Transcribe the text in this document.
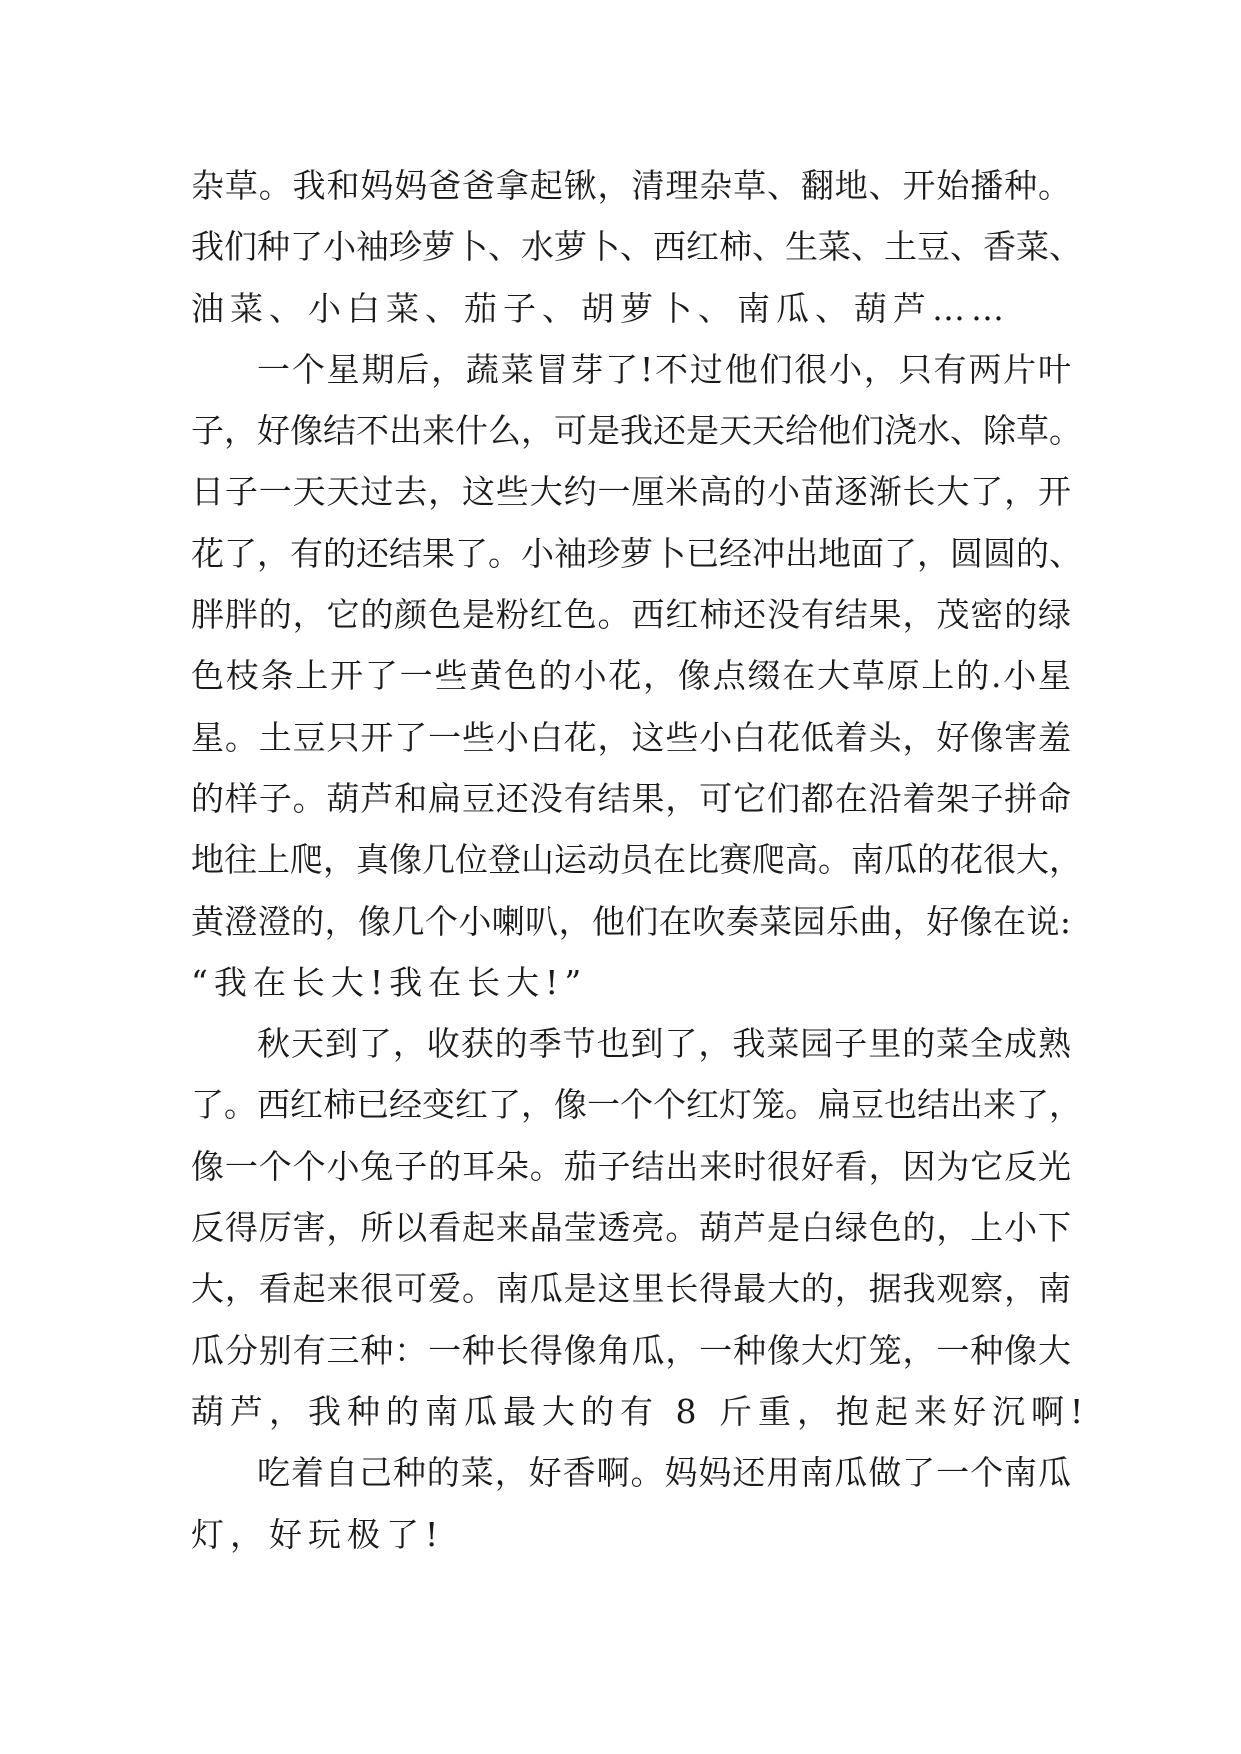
杂草。我和妈妈爸爸拿起锹，清理杂草、翻地、开始播种。
我们种了小袖珍萝卜、水萝卜、西红柿、生菜、土豆、香菜、
油菜、小白菜、茄子、胡萝卜、南瓜、葫芦……
一个星期后，蔬菜冒芽了!不过他们很小，只有两片叶
子，好像结不出来什么，可是我还是天天给他们浇水、除草。
日子一天天过去，这些大约一厘米高的小苗逐渐长大了，开
花了，有的还结果了。小袖珍萝卜已经冲出地面了，圆圆的、
胖胖的，它的颜色是粉红色。西红柿还没有结果，茂密的绿
色枝条上开了一些黄色的小花，像点缀在大草原上的.小星
星。土豆只开了一些小白花，这些小白花低着头，好像害羞
的样子。葫芦和扁豆还没有结果，可它们都在沿着架子拼命
地往上爬，真像几位登山运动员在比赛爬高。南瓜的花很大，
黄澄澄的，像几个小喇叭，他们在吹奏菜园乐曲，好像在说:
“我在长大!我在长大!”
秋天到了，收获的季节也到了，我菜园子里的菜全成熟
了。西红柿已经变红了，像一个个红灯笼。扁豆也结出来了，
像一个个小兔子的耳朵。茄子结出来时很好看，因为它反光
反得厉害，所以看起来晶莹透亮。葫芦是白绿色的，上小下
大，看起来很可爱。南瓜是这里长得最大的，据我观察，南
瓜分别有三种：一种长得像角瓜，一种像大灯笼，一种像大
葫芦，我种的南瓜最大的有 8 斤重，抱起来好沉啊!
吃着自己种的菜，好香啊。妈妈还用南瓜做了一个南瓜
灯，好玩极了!
